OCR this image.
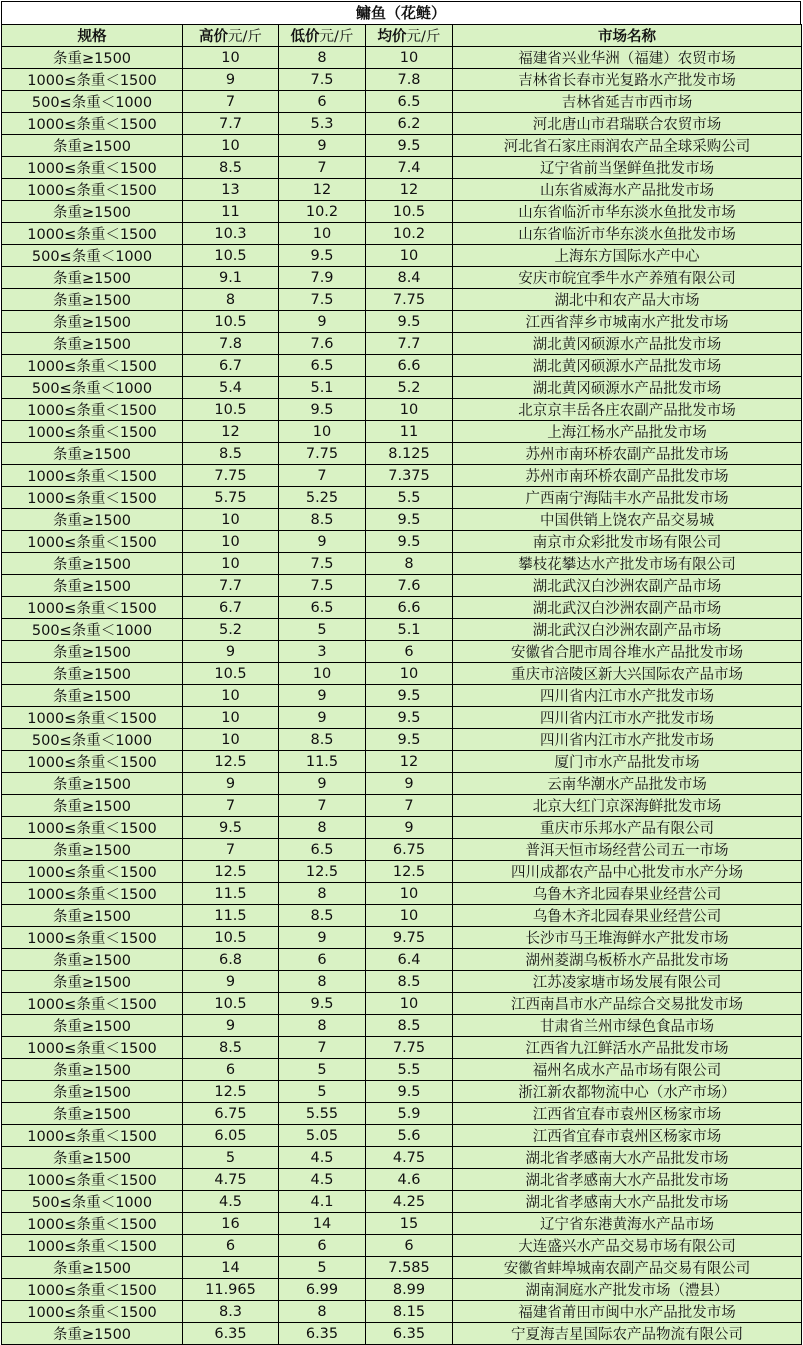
鳙鱼（花鲢）
规格	高价元/斤	低价元/斤	均价元/斤	市场名称
条重≥1500	10	8	10	福建省兴业华洲（福建）农贸市场
1000≤条重＜1500	9	7.5	7.8	吉林省长春市光复路水产批发市场
500≤条重＜1000	7	6	6.5	吉林省延吉市西市场
1000≤条重＜1500	7.7	5.3	6.2	河北唐山市君瑞联合农贸市场
条重≥1500	10	9	9.5	河北省石家庄雨润农产品全球采购公司
1000≤条重＜1500	8.5	7	7.4	辽宁省前当堡鲜鱼批发市场
1000≤条重＜1500	13	12	12	山东省威海水产品批发市场
条重≥1500	11	10.2	10.5	山东省临沂市华东淡水鱼批发市场
1000≤条重＜1500	10.3	10	10.2	山东省临沂市华东淡水鱼批发市场
500≤条重＜1000	10.5	9.5	10	上海东方国际水产中心
条重≥1500	9.1	7.9	8.4	安庆市皖宜季牛水产养殖有限公司
条重≥1500	8	7.5	7.75	湖北中和农产品大市场
条重≥1500	10.5	9	9.5	江西省萍乡市城南水产批发市场
条重≥1500	7.8	7.6	7.7	湖北黄冈硕源水产品批发市场
1000≤条重＜1500	6.7	6.5	6.6	湖北黄冈硕源水产品批发市场
500≤条重＜1000	5.4	5.1	5.2	湖北黄冈硕源水产品批发市场
1000≤条重＜1500	10.5	9.5	10	北京京丰岳各庄农副产品批发市场
1000≤条重＜1500	12	10	11	上海江杨水产品批发市场
条重≥1500	8.5	7.75	8.125	苏州市南环桥农副产品批发市场
1000≤条重＜1500	7.75	7	7.375	苏州市南环桥农副产品批发市场
1000≤条重＜1500	5.75	5.25	5.5	广西南宁海陆丰水产品批发市场
条重≥1500	10	8.5	9.5	中国供销上饶农产品交易城
1000≤条重＜1500	10	9	9.5	南京市众彩批发市场有限公司
条重≥1500	10	7.5	8	攀枝花攀达水产批发市场有限公司
条重≥1500	7.7	7.5	7.6	湖北武汉白沙洲农副产品市场
1000≤条重＜1500	6.7	6.5	6.6	湖北武汉白沙洲农副产品市场
500≤条重＜1000	5.2	5	5.1	湖北武汉白沙洲农副产品市场
条重≥1500	9	3	6	安徽省合肥市周谷堆水产品批发市场
条重≥1500	10.5	10	10	重庆市涪陵区新大兴国际农产品市场
条重≥1500	10	9	9.5	四川省内江市水产批发市场
1000≤条重＜1500	10	9	9.5	四川省内江市水产批发市场
500≤条重＜1000	10	8.5	9.5	四川省内江市水产批发市场
1000≤条重＜1500	12.5	11.5	12	厦门市水产品批发市场
条重≥1500	9	9	9	云南华潮水产品批发市场
条重≥1500	7	7	7	北京大红门京深海鲜批发市场
1000≤条重＜1500	9.5	8	9	重庆市乐邦水产品有限公司
条重≥1500	7	6.5	6.75	普洱天恒市场经营公司五一市场
1000≤条重＜1500	12.5	12.5	12.5	四川成都农产品中心批发市水产分场
1000≤条重＜1500	11.5	8	10	乌鲁木齐北园春果业经营公司
条重≥1500	11.5	8.5	10	乌鲁木齐北园春果业经营公司
1000≤条重＜1500	10.5	9	9.75	长沙市马王堆海鲜水产批发市场
条重≥1500	6.8	6	6.4	湖州菱湖乌板桥水产品批发市场
条重≥1500	9	8	8.5	江苏凌家塘市场发展有限公司
1000≤条重＜1500	10.5	9.5	10	江西南昌市水产品综合交易批发市场
条重≥1500	9	8	8.5	甘肃省兰州市绿色食品市场
1000≤条重＜1500	8.5	7	7.75	江西省九江鲜活水产品批发市场
条重≥1500	6	5	5.5	福州名成水产品市场有限公司
条重≥1500	12.5	5	9.5	浙江新农都物流中心（水产市场）
条重≥1500	6.75	5.55	5.9	江西省宜春市袁州区杨家市场
1000≤条重＜1500	6.05	5.05	5.6	江西省宜春市袁州区杨家市场
条重≥1500	5	4.5	4.75	湖北省孝感南大水产品批发市场
1000≤条重＜1500	4.75	4.5	4.6	湖北省孝感南大水产品批发市场
500≤条重＜1000	4.5	4.1	4.25	湖北省孝感南大水产品批发市场
1000≤条重＜1500	16	14	15	辽宁省东港黄海水产品市场
1000≤条重＜1500	6	6	6	大连盛兴水产品交易市场有限公司
条重≥1500	14	5	7.585	安徽省蚌埠城南农副产品交易有限公司
1000≤条重＜1500	11.965	6.99	8.99	湖南洞庭水产批发市场（澧县）
1000≤条重＜1500	8.3	8	8.15	福建省莆田市闽中水产品批发市场
条重≥1500	6.35	6.35	6.35	宁夏海吉星国际农产品物流有限公司
